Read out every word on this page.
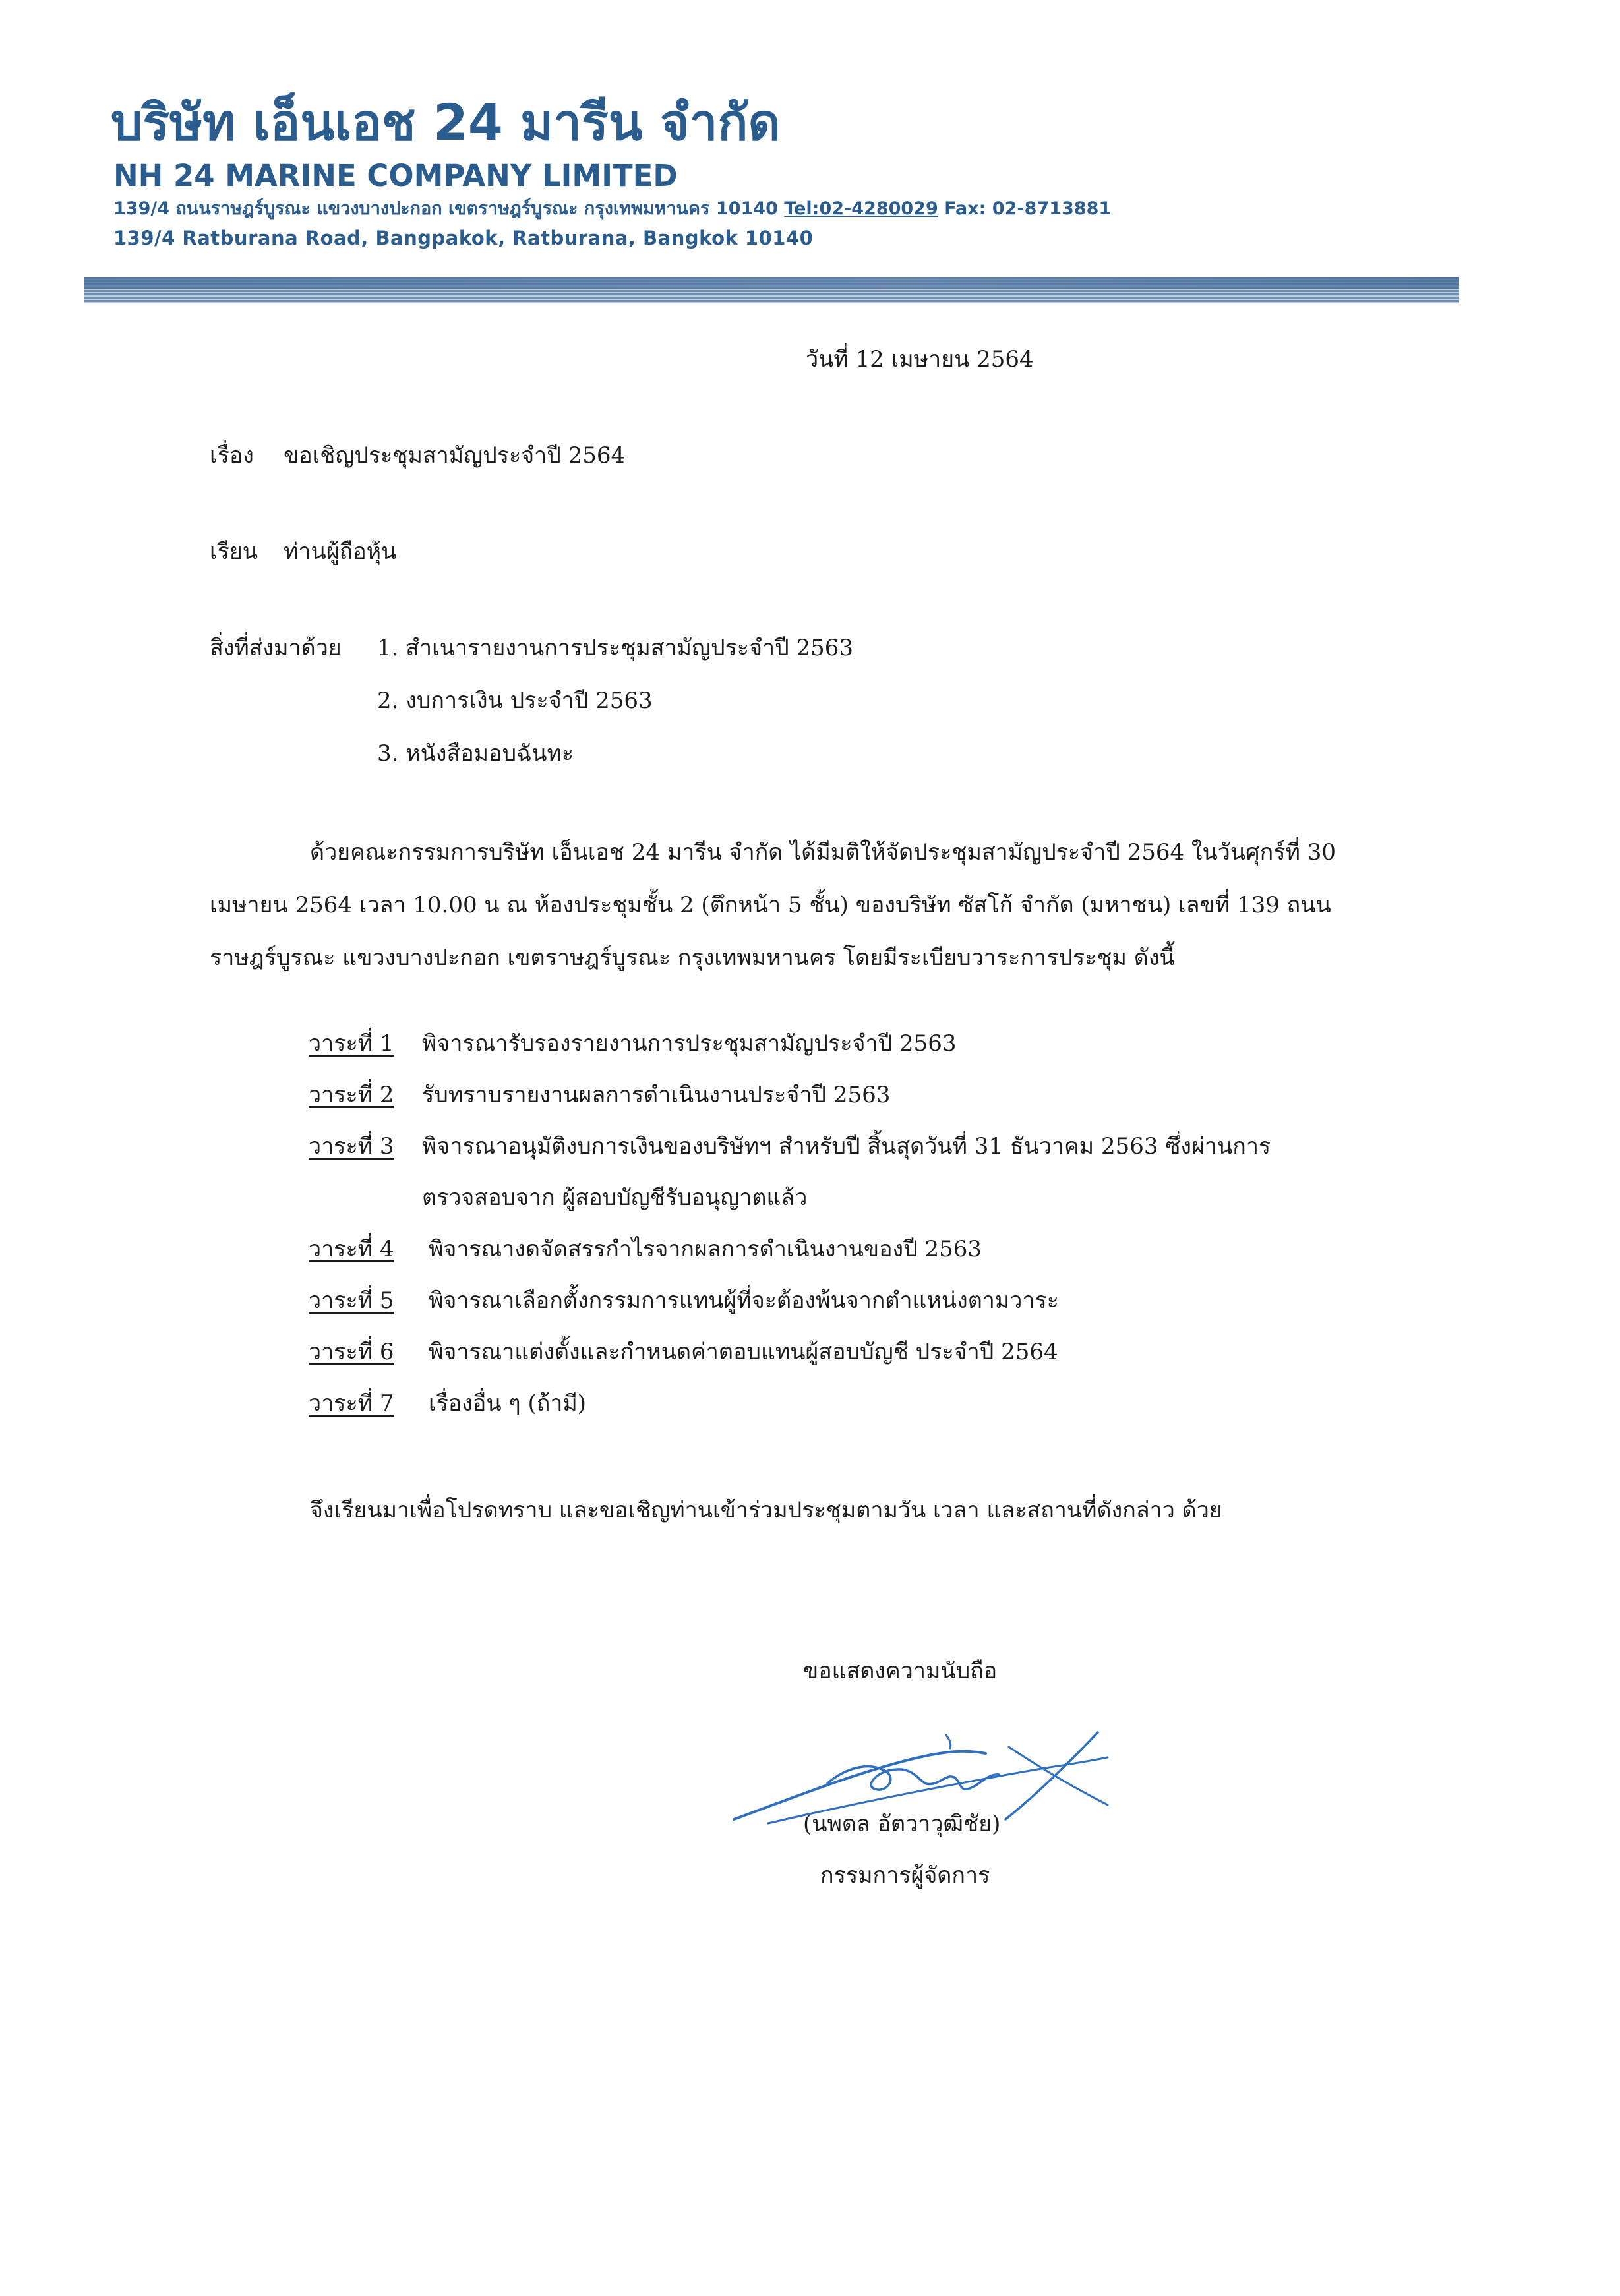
บริษัท เอ็นเอช 24 มารีน จำกัด
NH 24 MARINE COMPANY LIMITED
139/4 ถนนราษฎร์บูรณะ แขวงบางปะกอก เขตราษฎร์บูรณะ กรุงเทพมหานคร 10140 Tel:02-4280029 Fax: 02-8713881
139/4 Ratburana Road, Bangpakok, Ratburana, Bangkok 10140
วันที่ 12 เมษายน 2564
เรื่อง ขอเชิญประชุมสามัญประจำปี 2564
เรียน ท่านผู้ถือหุ้น
สิ่งที่ส่งมาด้วย 1. สำเนารายงานการประชุมสามัญประจำปี 2563
2. งบการเงิน ประจำปี 2563
3. หนังสือมอบฉันทะ
ด้วยคณะกรรมการบริษัท เอ็นเอช 24 มารีน จำกัด ได้มีมติให้จัดประชุมสามัญประจำปี 2564 ในวันศุกร์ที่ 30
เมษายน 2564 เวลา 10.00 น ณ ห้องประชุมชั้น 2 (ตึกหน้า 5 ชั้น) ของบริษัท ซัสโก้ จำกัด (มหาชน) เลขที่ 139 ถนน
ราษฎร์บูรณะ แขวงบางปะกอก เขตราษฎร์บูรณะ กรุงเทพมหานคร โดยมีระเบียบวาระการประชุม ดังนี้
วาระที่ 1 พิจารณารับรองรายงานการประชุมสามัญประจำปี 2563
วาระที่ 2 รับทราบรายงานผลการดำเนินงานประจำปี 2563
วาระที่ 3 พิจารณาอนุมัติงบการเงินของบริษัทฯ สำหรับปี สิ้นสุดวันที่ 31 ธันวาคม 2563 ซึ่งผ่านการ
ตรวจสอบจาก ผู้สอบบัญชีรับอนุญาตแล้ว
วาระที่ 4 พิจารณางดจัดสรรกำไรจากผลการดำเนินงานของปี 2563
วาระที่ 5 พิจารณาเลือกตั้งกรรมการแทนผู้ที่จะต้องพ้นจากตำแหน่งตามวาระ
วาระที่ 6 พิจารณาแต่งตั้งและกำหนดค่าตอบแทนผู้สอบบัญชี ประจำปี 2564
วาระที่ 7 เรื่องอื่น ๆ (ถ้ามี)
จึงเรียนมาเพื่อโปรดทราบ และขอเชิญท่านเข้าร่วมประชุมตามวัน เวลา และสถานที่ดังกล่าว ด้วย
ขอแสดงความนับถือ
(นพดล อัตวาวุฒิชัย)
กรรมการผู้จัดการ
